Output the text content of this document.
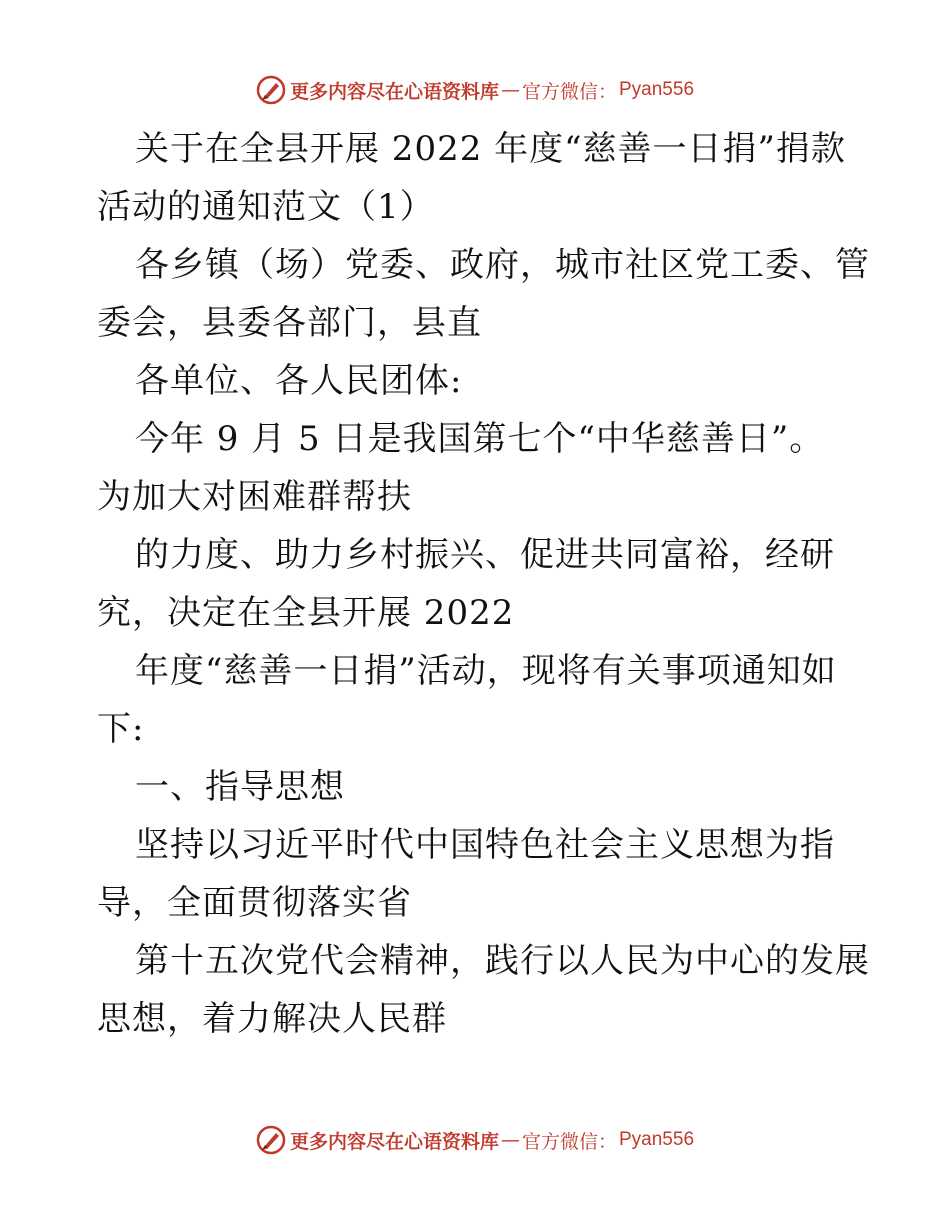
更多内容尽在心语资料库 — 官方微信： Pyan556
关于在全县开展 2022 年度“慈善一日捐”捐款
活动的通知范文（1）
各乡镇（场）党委、政府，城市社区党工委、管
委会，县委各部门，县直
各单位、各人民团体:
今年 9 月 5 日是我国第七个“中华慈善日”。
为加大对困难群帮扶
的力度、助力乡村振兴、促进共同富裕，经研
究，决定在全县开展 2022
年度“慈善一日捐”活动，现将有关事项通知如
下:
一、指导思想
坚持以习近平时代中国特色社会主义思想为指
导，全面贯彻落实省
第十五次党代会精神，践行以人民为中心的发展
思想，着力解决人民群
更多内容尽在心语资料库 — 官方微信： Pyan556
